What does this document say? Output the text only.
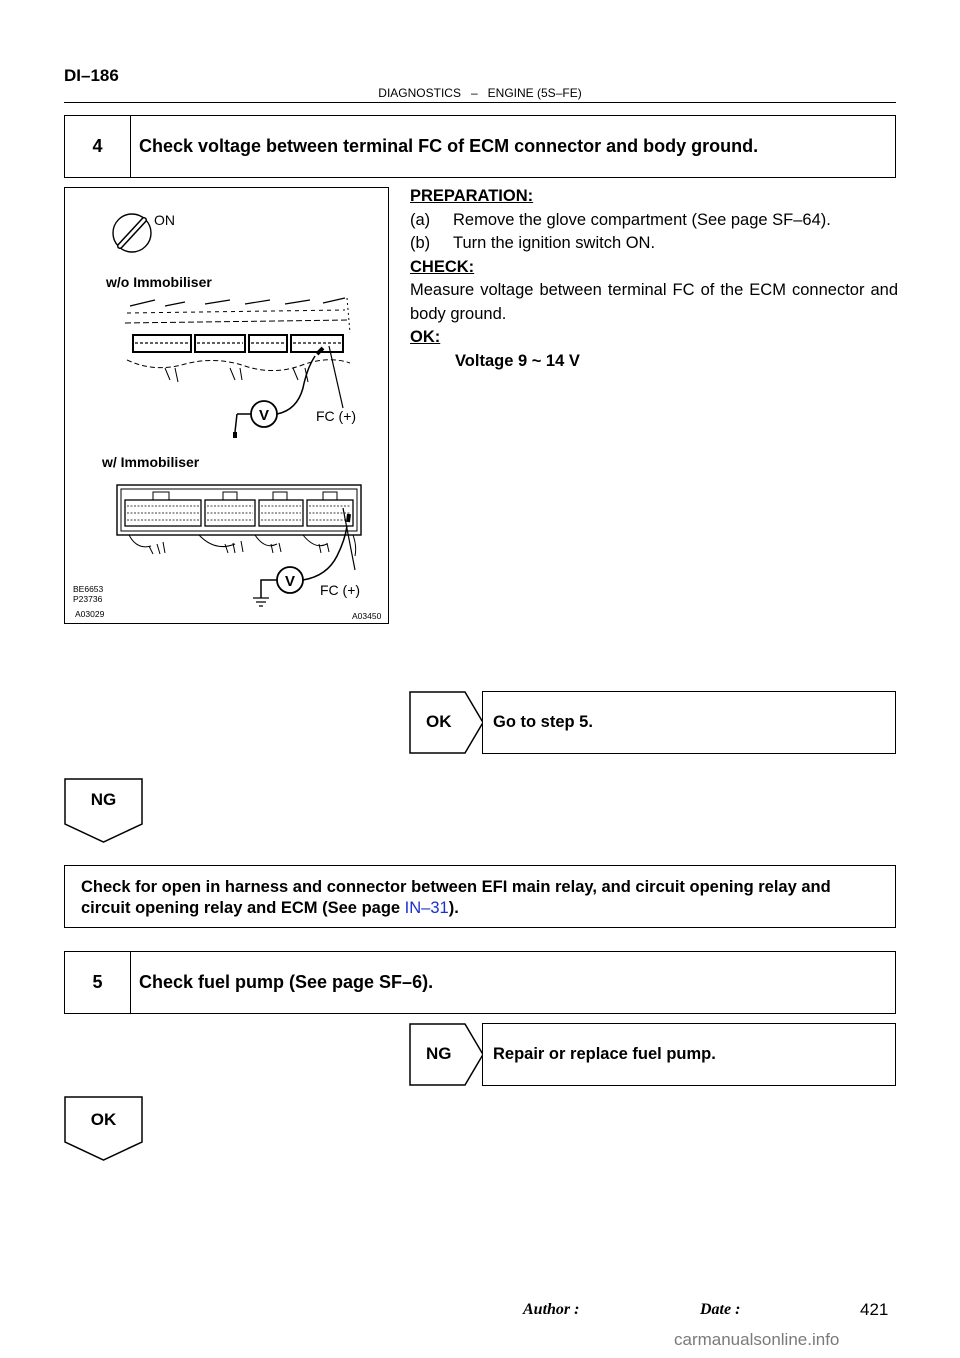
DI–186
DIAGNOSTICS – ENGINE (5S–FE)
4	Check voltage between terminal FC of ECM connector and body ground.
V
V
ON
w/o Immobiliser
FC (+)
w/ Immobiliser
FC (+)
BE6653
P23736
A03029	A03450
PREPARATION:
(a)	Remove the glove compartment (See page SF–64).
(b)	Turn the ignition switch ON.
CHECK:
Measure voltage between terminal FC of the ECM connector and body ground.
OK:
Voltage 9 ~ 14 V
OK	Go to step 5.
NG
Check for open in harness and connector between EFI main relay, and circuit opening relay and circuit opening relay and ECM (See page IN–31).
5	Check fuel pump (See page SF–6).
NG	Repair or replace fuel pump.
OK
Author :	Date :	421
carmanualsonline.info
